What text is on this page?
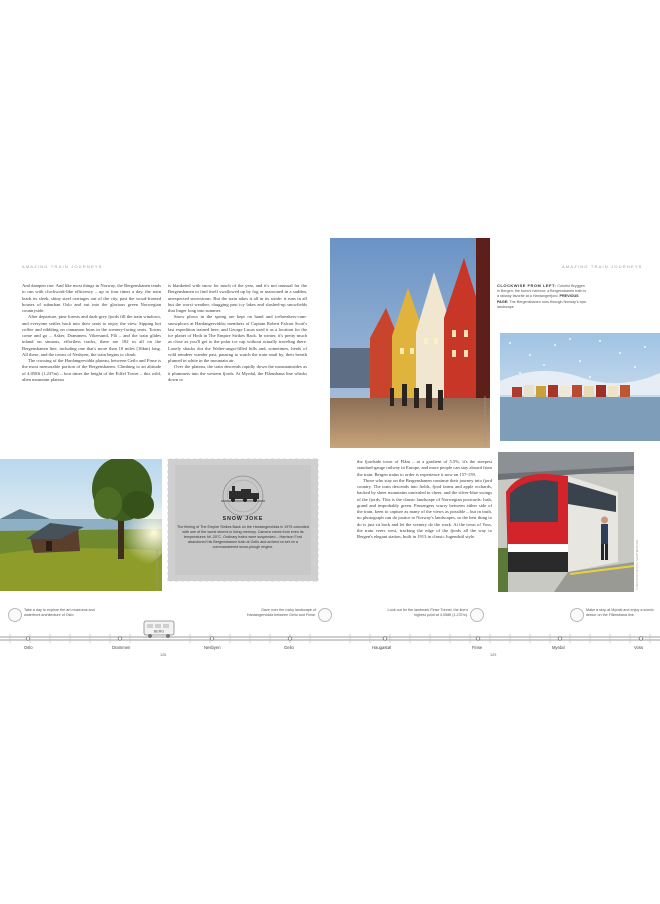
AMAZING TRAIN JOURNEYS	AMAZING TRAIN JOURNEYS

And dampen rise. And like most things in Norway, the Bergensbanen tends to run with clockwork-like efficiency – up to four times a day, the train leads its sleek, shiny steel carriages out of the city, past the wood-fronted houses of suburban Oslo and out into the glorious green Norwegian countryside.

After departure, pine forests and dark-grey fjords fill the train windows, and everyone settles back into their seats to enjoy the view. Sipping hot coffee and nibbling on cinnamon buns in the scenery-facing seats. Towns come and go – Asker, Drammen, Vikersund, Flå – and the train glides inland on sinuous, effortless tracks, there are 182 in all on the Bergensbanen line, including one that's more than 10 miles (16km) long. All these, and the towns of Nesbyen, the train begins to climb.

The crossing of the Hardangervidda plateau, between Geilo and Finse is the most memorable portion of the Bergensbanen. Climbing to an altitude of 4,058ft (1,237m) – four times the height of the Eiffel Tower – this wild, alien mountain plateau

is blanketed with snow for much of the year, and it's not unusual for the Bergensbanen to find itself swallowed up by fog or marooned in a sudden, unexpected snowstorm. But the train takes it all in its stride: it runs in all but the worst weather, chugging past icy lakes and slushed-up snowfields that linger long into summer.

Snow plows in the spring are kept on hand and icebreakers-cum-snowplows at Hardangervidda; members of Captain Robert Falcon Scott's last expedition trained here, and George Lucas used it as a location for the ice planet of Hoth in The Empire Strikes Back. In winter, it's pretty much as close as you'll get to the polar ice cap without actually traveling there. Lonely shacks dot the Walter-angst-filled hills and, sometimes, herds of wild reindeer wander past, pausing to watch the train snail by, their breath plumed in white in the mountain air.

Over the plateau, the train descends rapidly down the mountainsides as it plummets into the western fjords. At Myrdal, the Flåmsbana line whisks down to

© SIRICHAPA / SHUTTERSTOCK
SNOW JOKE
The filming of The Empire Strikes Back on the Hardangervidda in 1979 coincided with one of the worst storms in living memory. Camera crews from even its temperatures hit -20°C. Ordinary trains were suspended – Harrison Ford abandoned his Bergensbanen train at Geilo and arrived on set on a commandeered snow-plough engine.
© MAT DALEY PHOTO / SHUTTERSTOCK
CLOCKWISE FROM LEFT: Colorful Bryggen in Bergen; the town's harbour; a Bergensbanen train is a railway favorite at a Hardangerfjord. PREVIOUS PAGE: The Bergensbanen runs through Norway's epic landscape

the fjordside town of Flåm – at a gradient of 5.5%, it's the steepest standard-gauge railway in Europe, and more people can stay aboard from the train. Bergen trains to order is experience it now on 157-159.

Those who stay on the Bergensbanen continue their journey into fjord country. The train descends into fields, fjord farms and apple orchards, backed by sheer mountains unrivaled in cheer, and the silver-blue swings of the fjords. This is the classic landscape of Norwegian postcards: lush, grand and improbably green. Passengers scurry between either side of the train, keen to capture as many of the views as possible – but in truth, no photograph can do justice to Norway's landscapes, so the best thing to do is just sit back and let the scenery do the work. At the town of Voss, the train veers west, tracking the edge of the fjords all the way to Bergen's elegant station, built in 1913 in classic Jugendstil style.

© PROCESS PHOTOS / SHUTTERSTOCK
BERG
Take a day to explore the art museums and waterfront architecture of Oslo.
Gaze over the rocky landscape of Hardangervidda between Geilo and Finse.
Look out for the landmark Finse Tunnel, the line's highest point at 4,058ft (1,237m).
Make a stop at Myrdal and enjoy a scenic detour on the Flåmsbana line.
Oslo	Drammen	Nesbyen	Geilo	Haugastøl	Finse	Myrdal	Voss
126	129
